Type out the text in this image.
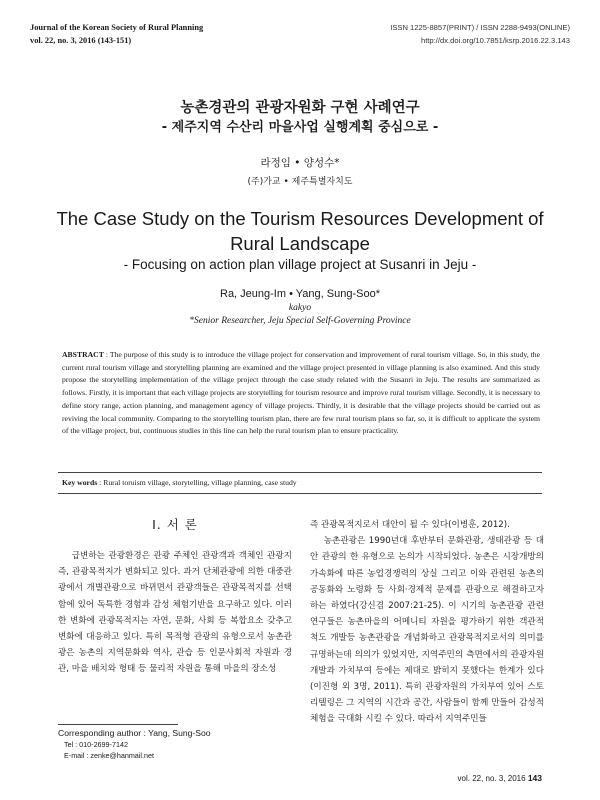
Journal of the Korean Society of Rural Planning
vol. 22, no. 3, 2016 (143-151)
ISSN 1225-8857(PRINT) / ISSN 2288-9493(ONLINE)
http://dx.doi.org/10.7851/ksrp.2016.22.3.143
농촌경관의 관광자원화 구현 사례연구
- 제주지역 수산리 마을사업 실행계획 중심으로 -
라정임 • 양성수*
(주)가교 • 제주특별자치도
The Case Study on the Tourism Resources Development of
Rural Landscape
- Focusing on action plan village project at Susanri in Jeju -
Ra, Jeung-Im • Yang, Sung-Soo*
kakyo
*Senior Researcher, Jeju Special Self-Governing Province
ABSTRACT : The purpose of this study is to introduce the village project for conservation and improvement of rural tourism village. So, in this study, the current rural tourism village and storytelling planning are examined and the village project presented in village planning is also examined. And this study propose the storytelling implementation of the village project through the case study related with the Susanri in Jeju. The results are summarized as follows. Firstly, it is important that each village projects are storytelling for tourism resource and improve rural tourism village. Secondly, it is necessary to define story range, action planning, and management agency of village projects. Thirdly, it is desirable that the village projects should be carried out as reviving the local community. Comparing to the storytelling tourism plan, there are few rural tourism plans so far, so, it is difficult to applicate the system of the village project, but, continuous studies in this line can help the rural tourism plan to ensure practicality.
Key words : Rural toruism village, storytelling, village planning, case study
Ⅰ. 서 론
급변하는 관광환경은 관광 주체인 관광객과 객체인 관광지 즉, 관광목적지가 변화되고 있다. 과거 단체관광에 의한 대중관광에서 개별관광으로 바뀌면서 관광객들은 관광목적지를 선택함에 있어 독특한 경험과 감성 체험기반을 요구하고 있다. 이러한 변화에 관광목적지는 자연, 문화, 사회 등 복합요소 갖추고 변화에 대응하고 있다. 특히 목적형 관광의 유형으로서 농촌관광은 농촌의 지역문화와 역사, 관습 등 인문사회적 자원과 경관, 마을 배치와 형태 등 물리적 자원을 통해 마을의 장소성

즉 관광목적지로서 대안이 될 수 있다(이병훈, 2012).

농촌관광은 1990년대 후반부터 문화관광, 생태관광 등 대안 관광의 한 유형으로 논의가 시작되었다. 농촌은 시장개방의 가속화에 따른 농업경쟁력의 상실 그리고 이와 관련된 농촌의 공동화와 노령화 등 사회·경제적 문제를 관광으로 해결하고자 하는 하였다(강신겸 2007:21-25). 이 시기의 농촌관광 관련 연구들은 농촌마을의 어메니티 자원을 평가하기 위한 객관적 척도 개발등 농촌관광을 개념화하고 관광목적지로서의 의미를 규명하는데 의의가 있었지만, 지역주민의 측면에서의 관광자원 개발과 가치부여 등에는 제대로 밝히지 못했다는 한계가 있다(이진형 외 3명, 2011). 특히 관광자원의 가치부여 있어 스토리텔링은 그 지역의 시간과 공간, 사람들이 함께 만들어 감성적 체험을 극대화 시킬 수 있다. 따라서 지역주민들

Corresponding author : Yang, Sung-Soo
Tel : 010-2699-7142
E-mail : zenke@hanmail.net
vol. 22, no. 3, 2016 143
